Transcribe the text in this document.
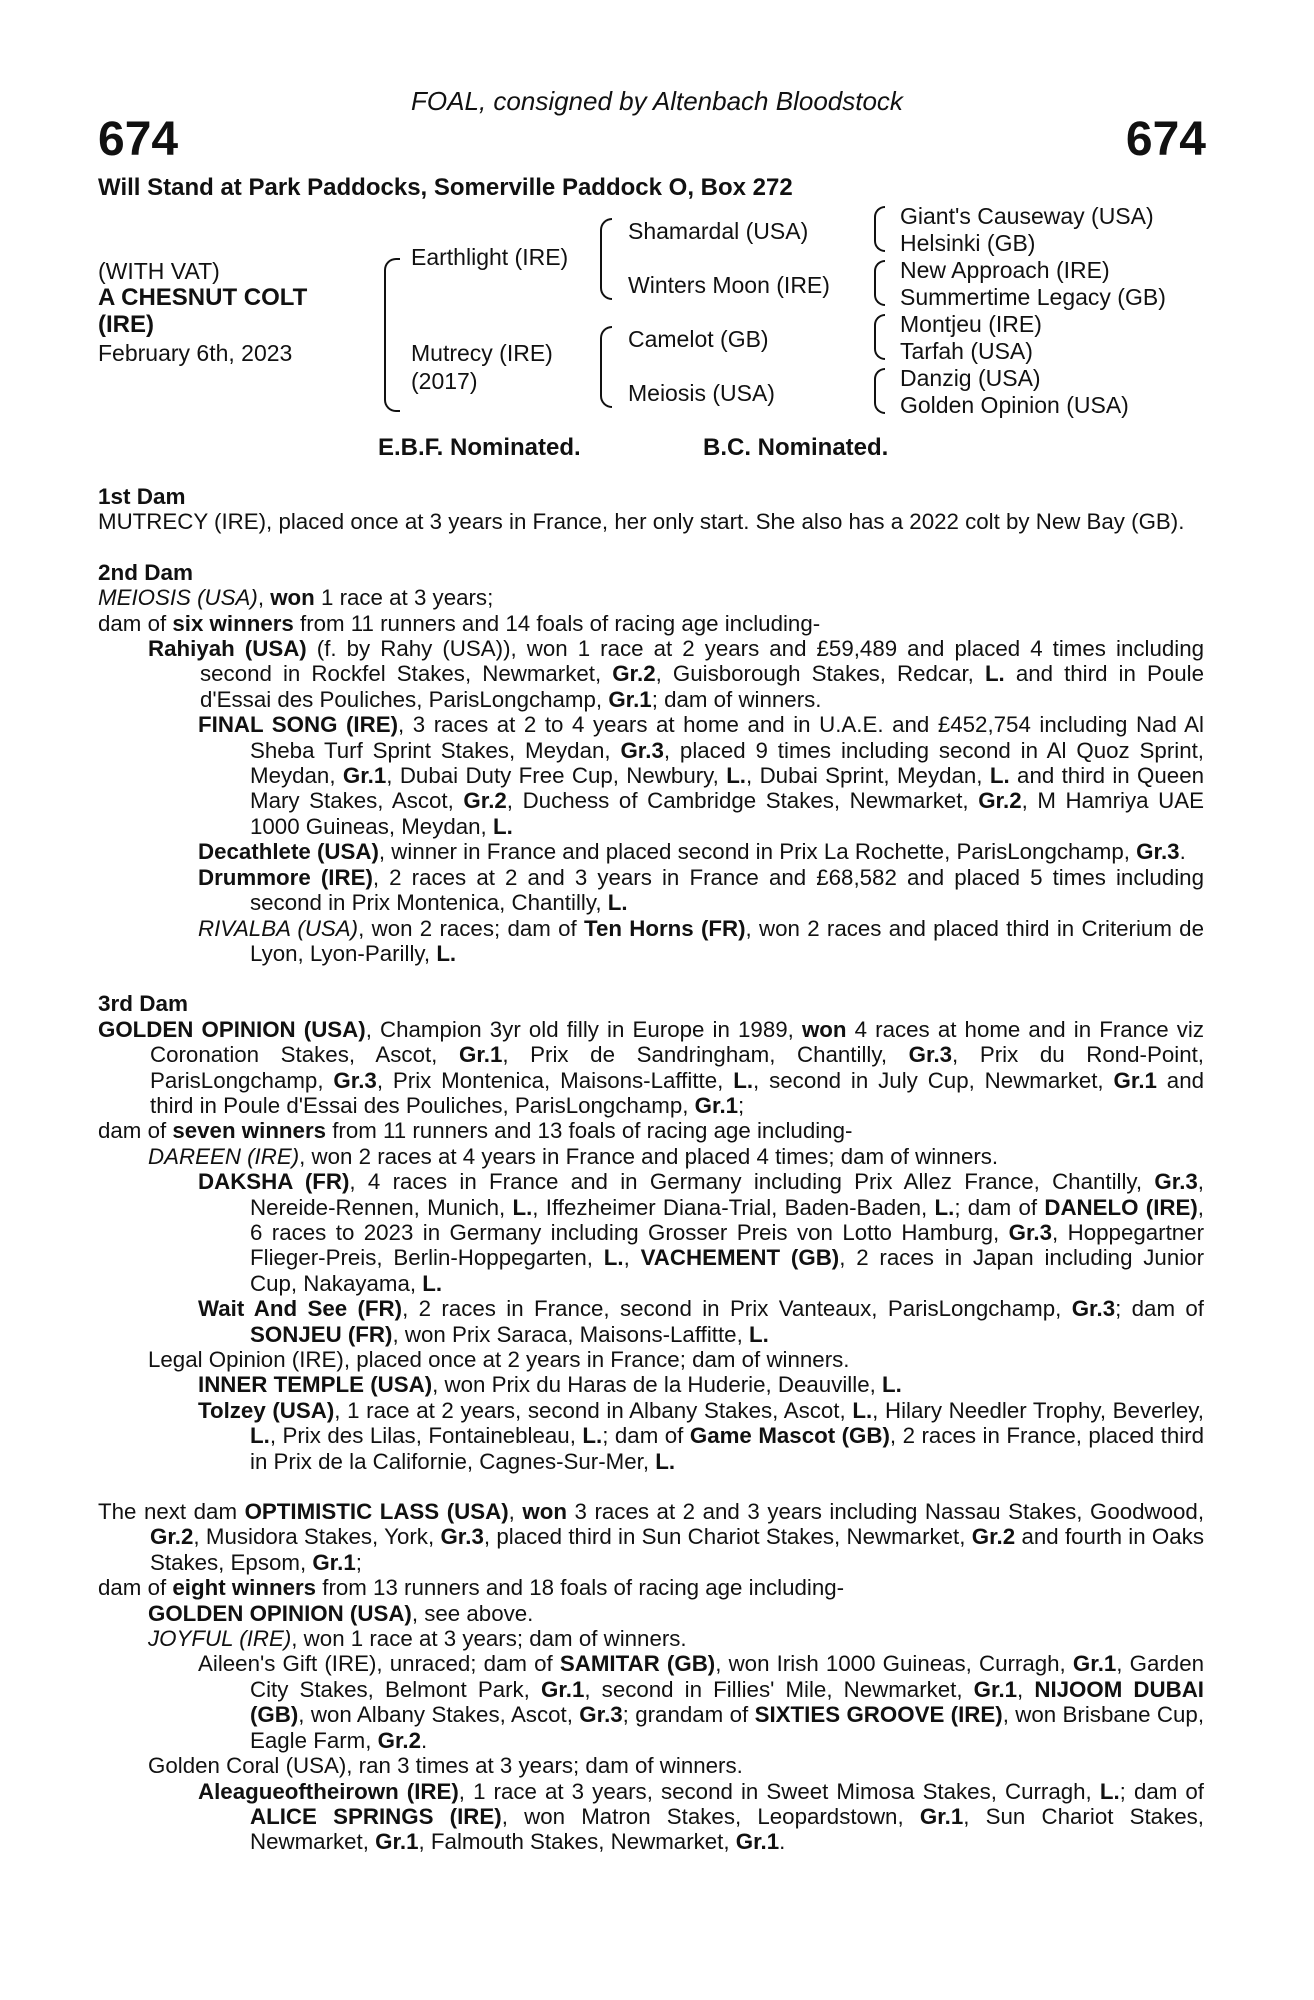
FOAL, consigned by Altenbach Bloodstock
674	674
Will Stand at Park Paddocks, Somerville Paddock O, Box 272
(WITH VAT)
A CHESNUT COLT
(IRE)
February 6th, 2023
Earthlight (IRE)
Mutrecy (IRE)
(2017)
Shamardal (USA)
Winters Moon (IRE)
Camelot (GB)
Meiosis (USA)
Giant's Causeway (USA)
Helsinki (GB)
New Approach (IRE)
Summertime Legacy (GB)
Montjeu (IRE)
Tarfah (USA)
Danzig (USA)
Golden Opinion (USA)
E.B.F. Nominated.	B.C. Nominated.

1st Dam

MUTRECY (IRE), placed once at 3 years in France, her only start. She also has a 2022 colt by New Bay (GB).

2nd Dam

MEIOSIS (USA), won 1 race at 3 years;

dam of six winners from 11 runners and 14 foals of racing age including-

Rahiyah (USA) (f. by Rahy (USA)), won 1 race at 2 years and £59,489 and placed 4 times including second in Rockfel Stakes, Newmarket, Gr.2, Guisborough Stakes, Redcar, L. and third in Poule d'Essai des Pouliches, ParisLongchamp, Gr.1; dam of winners.

FINAL SONG (IRE), 3 races at 2 to 4 years at home and in U.A.E. and £452,754 including Nad Al Sheba Turf Sprint Stakes, Meydan, Gr.3, placed 9 times including second in Al Quoz Sprint, Meydan, Gr.1, Dubai Duty Free Cup, Newbury, L., Dubai Sprint, Meydan, L. and third in Queen Mary Stakes, Ascot, Gr.2, Duchess of Cambridge Stakes, Newmarket, Gr.2, M Hamriya UAE 1000 Guineas, Meydan, L.

Decathlete (USA), winner in France and placed second in Prix La Rochette, ParisLongchamp, Gr.3.

Drummore (IRE), 2 races at 2 and 3 years in France and £68,582 and placed 5 times including second in Prix Montenica, Chantilly, L.

RIVALBA (USA), won 2 races; dam of Ten Horns (FR), won 2 races and placed third in Criterium de Lyon, Lyon-Parilly, L.

3rd Dam

GOLDEN OPINION (USA), Champion 3yr old filly in Europe in 1989, won 4 races at home and in France viz Coronation Stakes, Ascot, Gr.1, Prix de Sandringham, Chantilly, Gr.3, Prix du Rond-Point, ParisLongchamp, Gr.3, Prix Montenica, Maisons-Laffitte, L., second in July Cup, Newmarket, Gr.1 and third in Poule d'Essai des Pouliches, ParisLongchamp, Gr.1;

dam of seven winners from 11 runners and 13 foals of racing age including-

DAREEN (IRE), won 2 races at 4 years in France and placed 4 times; dam of winners.

DAKSHA (FR), 4 races in France and in Germany including Prix Allez France, Chantilly, Gr.3, Nereide-Rennen, Munich, L., Iffezheimer Diana-Trial, Baden-Baden, L.; dam of DANELO (IRE), 6 races to 2023 in Germany including Grosser Preis von Lotto Hamburg, Gr.3, Hoppegartner Flieger-Preis, Berlin-Hoppegarten, L., VACHEMENT (GB), 2 races in Japan including Junior Cup, Nakayama, L.

Wait And See (FR), 2 races in France, second in Prix Vanteaux, ParisLongchamp, Gr.3; dam of SONJEU (FR), won Prix Saraca, Maisons-Laffitte, L.

Legal Opinion (IRE), placed once at 2 years in France; dam of winners.

INNER TEMPLE (USA), won Prix du Haras de la Huderie, Deauville, L.

Tolzey (USA), 1 race at 2 years, second in Albany Stakes, Ascot, L., Hilary Needler Trophy, Beverley, L., Prix des Lilas, Fontainebleau, L.; dam of Game Mascot (GB), 2 races in France, placed third in Prix de la Californie, Cagnes-Sur-Mer, L.

The next dam OPTIMISTIC LASS (USA), won 3 races at 2 and 3 years including Nassau Stakes, Goodwood, Gr.2, Musidora Stakes, York, Gr.3, placed third in Sun Chariot Stakes, Newmarket, Gr.2 and fourth in Oaks Stakes, Epsom, Gr.1;

dam of eight winners from 13 runners and 18 foals of racing age including-

GOLDEN OPINION (USA), see above.

JOYFUL (IRE), won 1 race at 3 years; dam of winners.

Aileen's Gift (IRE), unraced; dam of SAMITAR (GB), won Irish 1000 Guineas, Curragh, Gr.1, Garden City Stakes, Belmont Park, Gr.1, second in Fillies' Mile, Newmarket, Gr.1, NIJOOM DUBAI (GB), won Albany Stakes, Ascot, Gr.3; grandam of SIXTIES GROOVE (IRE), won Brisbane Cup, Eagle Farm, Gr.2.

Golden Coral (USA), ran 3 times at 3 years; dam of winners.

Aleagueoftheirown (IRE), 1 race at 3 years, second in Sweet Mimosa Stakes, Curragh, L.; dam of ALICE SPRINGS (IRE), won Matron Stakes, Leopardstown, Gr.1, Sun Chariot Stakes, Newmarket, Gr.1, Falmouth Stakes, Newmarket, Gr.1.
